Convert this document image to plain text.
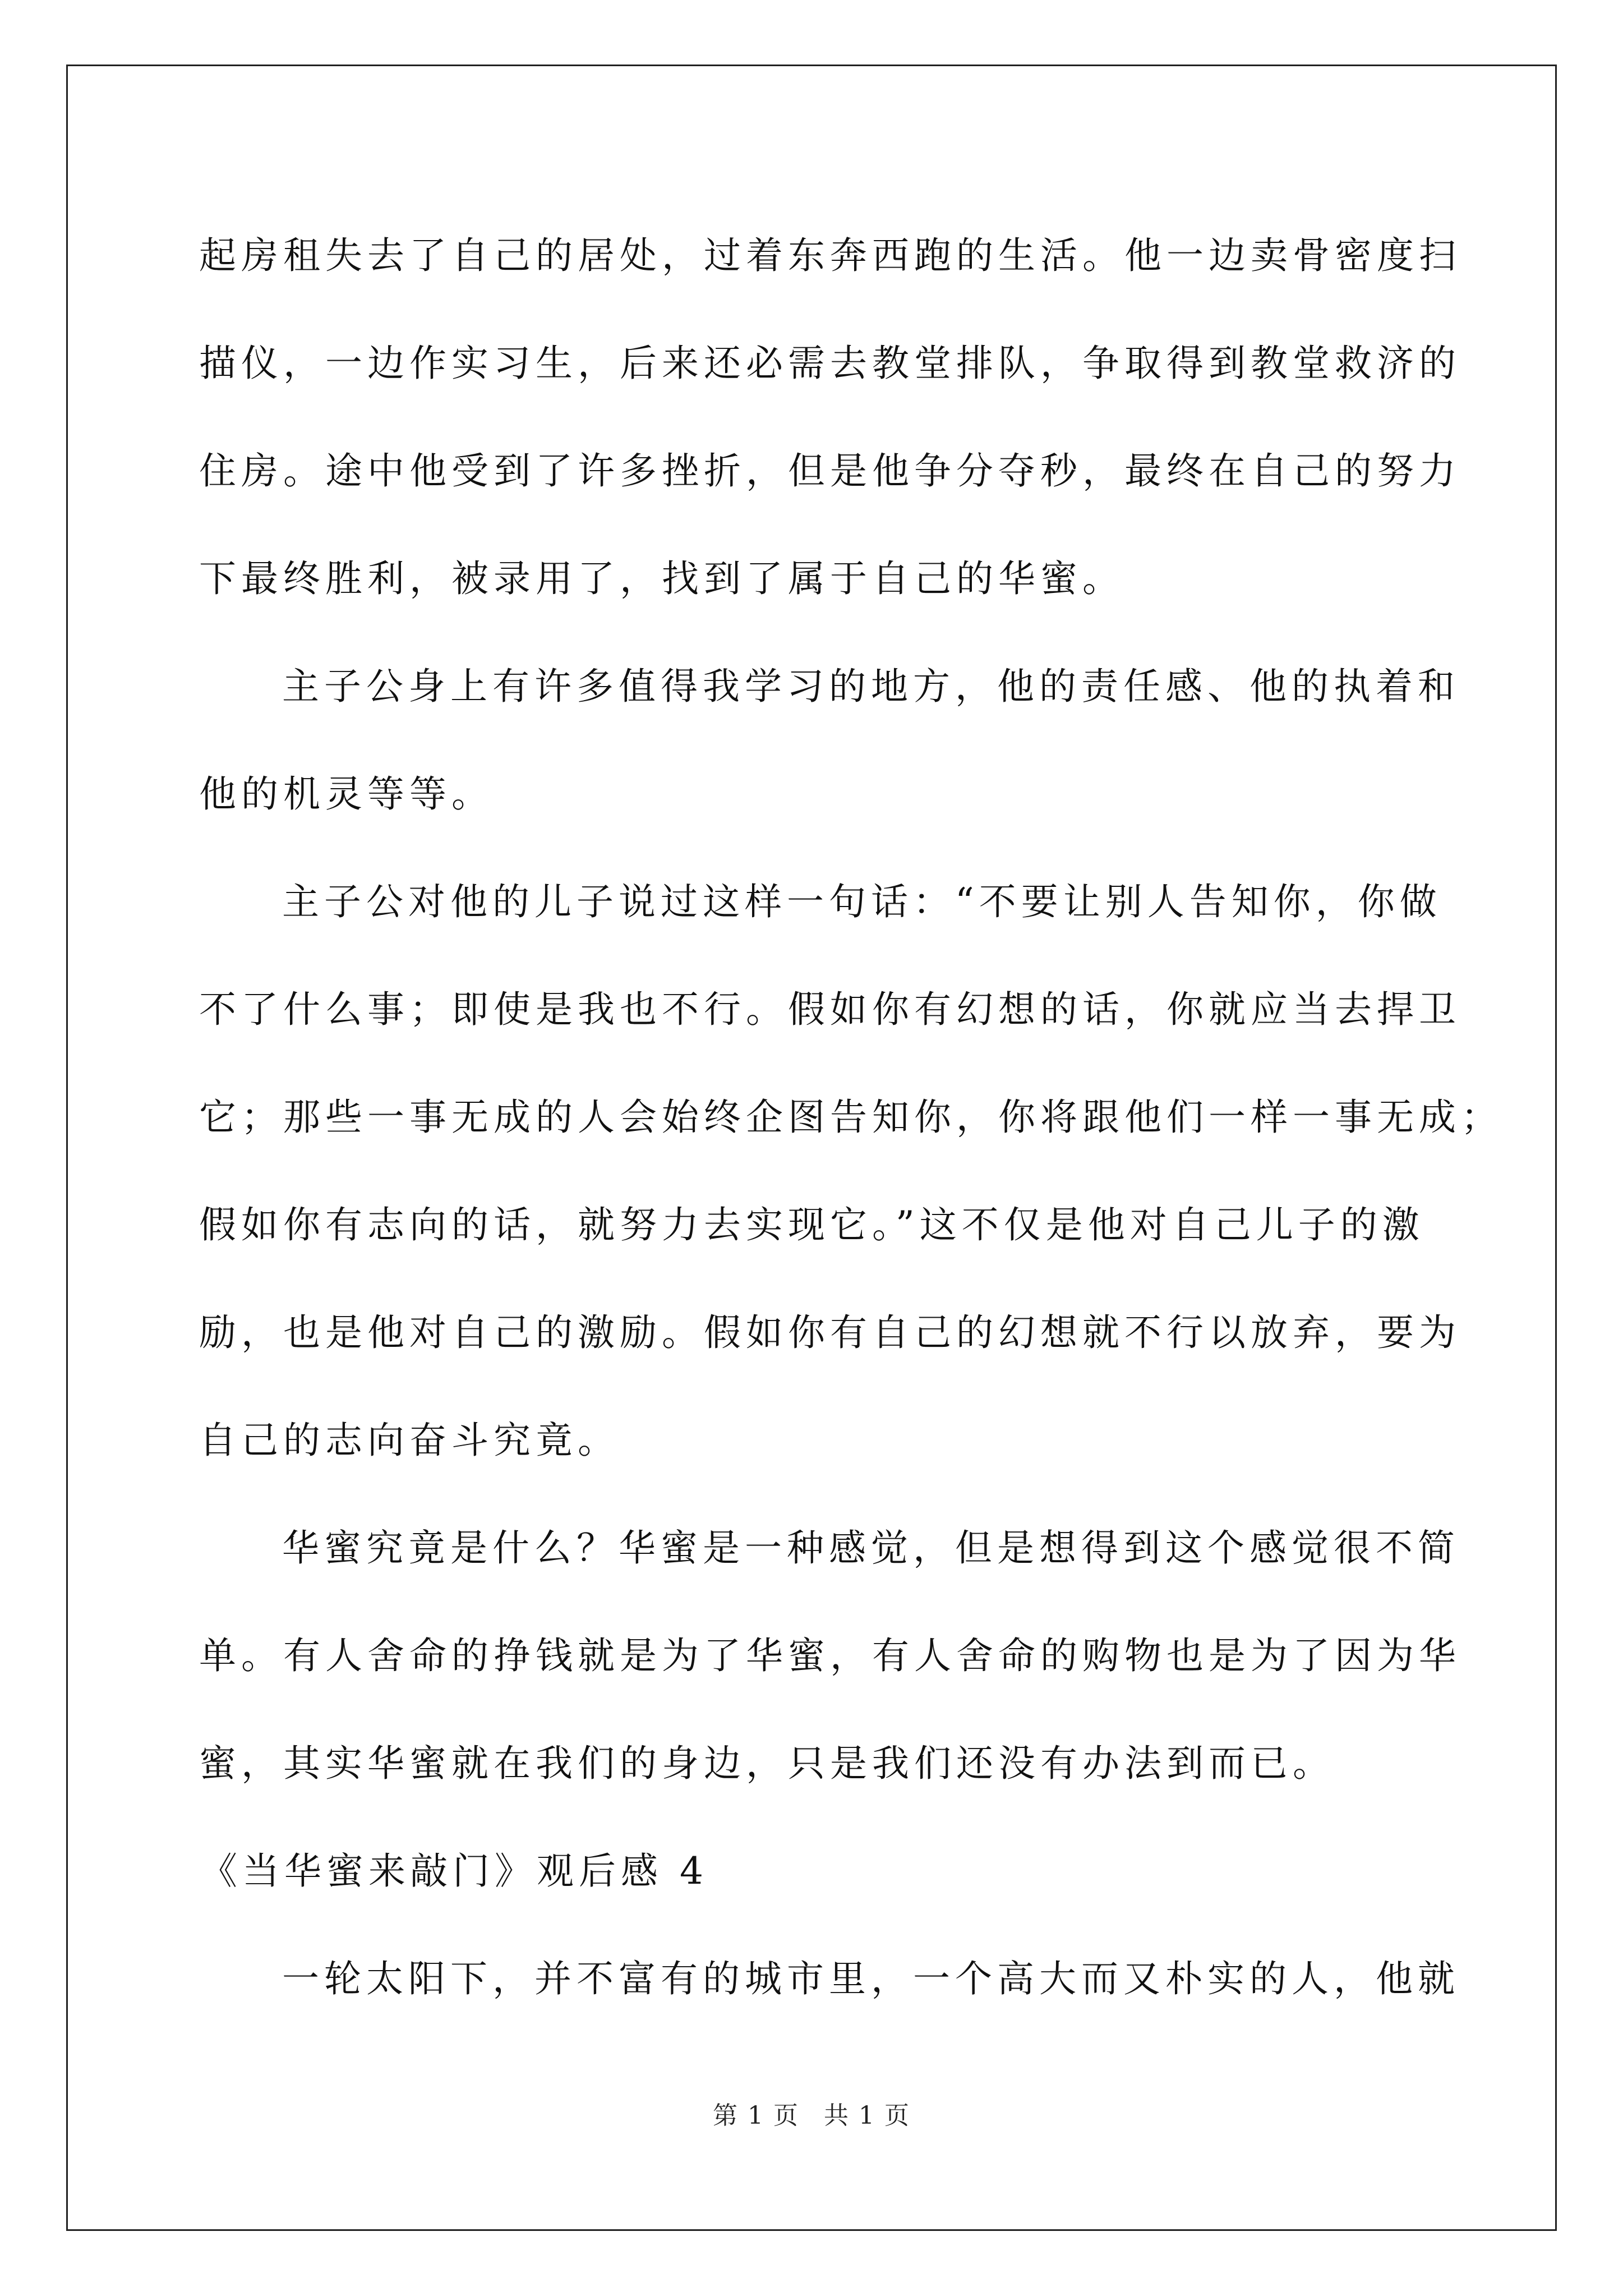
起房租失去了自己的居处，过着东奔西跑的生活。他一边卖骨密度扫
描仪，一边作实习生，后来还必需去教堂排队，争取得到教堂救济的
住房。途中他受到了许多挫折，但是他争分夺秒，最终在自己的努力
下最终胜利，被录用了，找到了属于自己的华蜜。
主子公身上有许多值得我学习的地方，他的责任感、他的执着和
他的机灵等等。
主子公对他的儿子说过这样一句话：“不要让别人告知你，你做
不了什么事；即使是我也不行。假如你有幻想的话，你就应当去捍卫
它；那些一事无成的人会始终企图告知你，你将跟他们一样一事无成；
假如你有志向的话，就努力去实现它。”这不仅是他对自己儿子的激
励，也是他对自己的激励。假如你有自己的幻想就不行以放弃，要为
自己的志向奋斗究竟。
华蜜究竟是什么？华蜜是一种感觉，但是想得到这个感觉很不简
单。有人舍命的挣钱就是为了华蜜，有人舍命的购物也是为了因为华
蜜，其实华蜜就在我们的身边，只是我们还没有办法到而已。
《当华蜜来敲门》观后感 4
一轮太阳下，并不富有的城市里，一个高大而又朴实的人，他就
第 1 页 共 1 页
